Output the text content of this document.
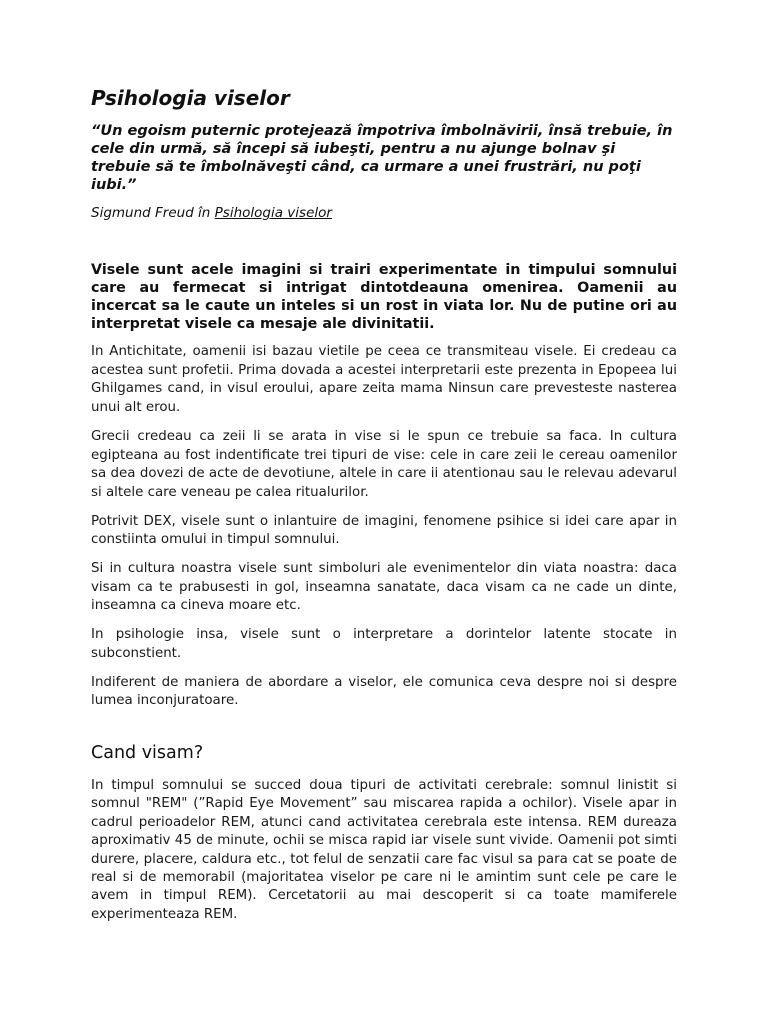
Psihologia viselor

“Un egoism puternic protejează împotriva îmbolnăvirii, însă trebuie, în cele din urmă, să începi să iubeşti, pentru a nu ajunge bolnav şi trebuie să te îmbolnăveşti când, ca urmare a unei frustrări, nu poţi iubi.”

Sigmund Freud în Psihologia viselor

Visele sunt acele imagini si trairi experimentate in timpului somnului care au fermecat si intrigat dintotdeauna omenirea. Oamenii au incercat sa le caute un inteles si un rost in viata lor. Nu de putine ori au interpretat visele ca mesaje ale divinitatii.

In Antichitate, oamenii isi bazau vietile pe ceea ce transmiteau visele. Ei credeau ca acestea sunt profetii. Prima dovada a acestei interpretarii este prezenta in Epopeea lui Ghilgames cand, in visul eroului, apare zeita mama Ninsun care prevesteste nasterea unui alt erou.

Grecii credeau ca zeii li se arata in vise si le spun ce trebuie sa faca. In cultura egipteana au fost indentificate trei tipuri de vise: cele in care zeii le cereau oamenilor sa dea dovezi de acte de devotiune, altele in care ii atentionau sau le relevau adevarul si altele care veneau pe calea ritualurilor.

Potrivit DEX, visele sunt o inlantuire de imagini, fenomene psihice si idei care apar in constiinta omului in timpul somnului.

Si in cultura noastra visele sunt simboluri ale evenimentelor din viata noastra: daca visam ca te prabusesti in gol, inseamna sanatate, daca visam ca ne cade un dinte, inseamna ca cineva moare etc.

In psihologie insa, visele sunt o interpretare a dorintelor latente stocate in subconstient.

Indiferent de maniera de abordare a viselor, ele comunica ceva despre noi si despre lumea inconjuratoare.

Cand visam?

In timpul somnului se succed doua tipuri de activitati cerebrale: somnul linistit si somnul "REM" (”Rapid Eye Movement” sau miscarea rapida a ochilor). Visele apar in cadrul perioadelor REM, atunci cand activitatea cerebrala este intensa. REM dureaza aproximativ 45 de minute, ochii se misca rapid iar visele sunt vivide. Oamenii pot simti durere, placere, caldura etc., tot felul de senzatii care fac visul sa para cat se poate de real si de memorabil (majoritatea viselor pe care ni le amintim sunt cele pe care le avem in timpul REM). Cercetatorii au mai descoperit si ca toate mamiferele experimenteaza REM.
